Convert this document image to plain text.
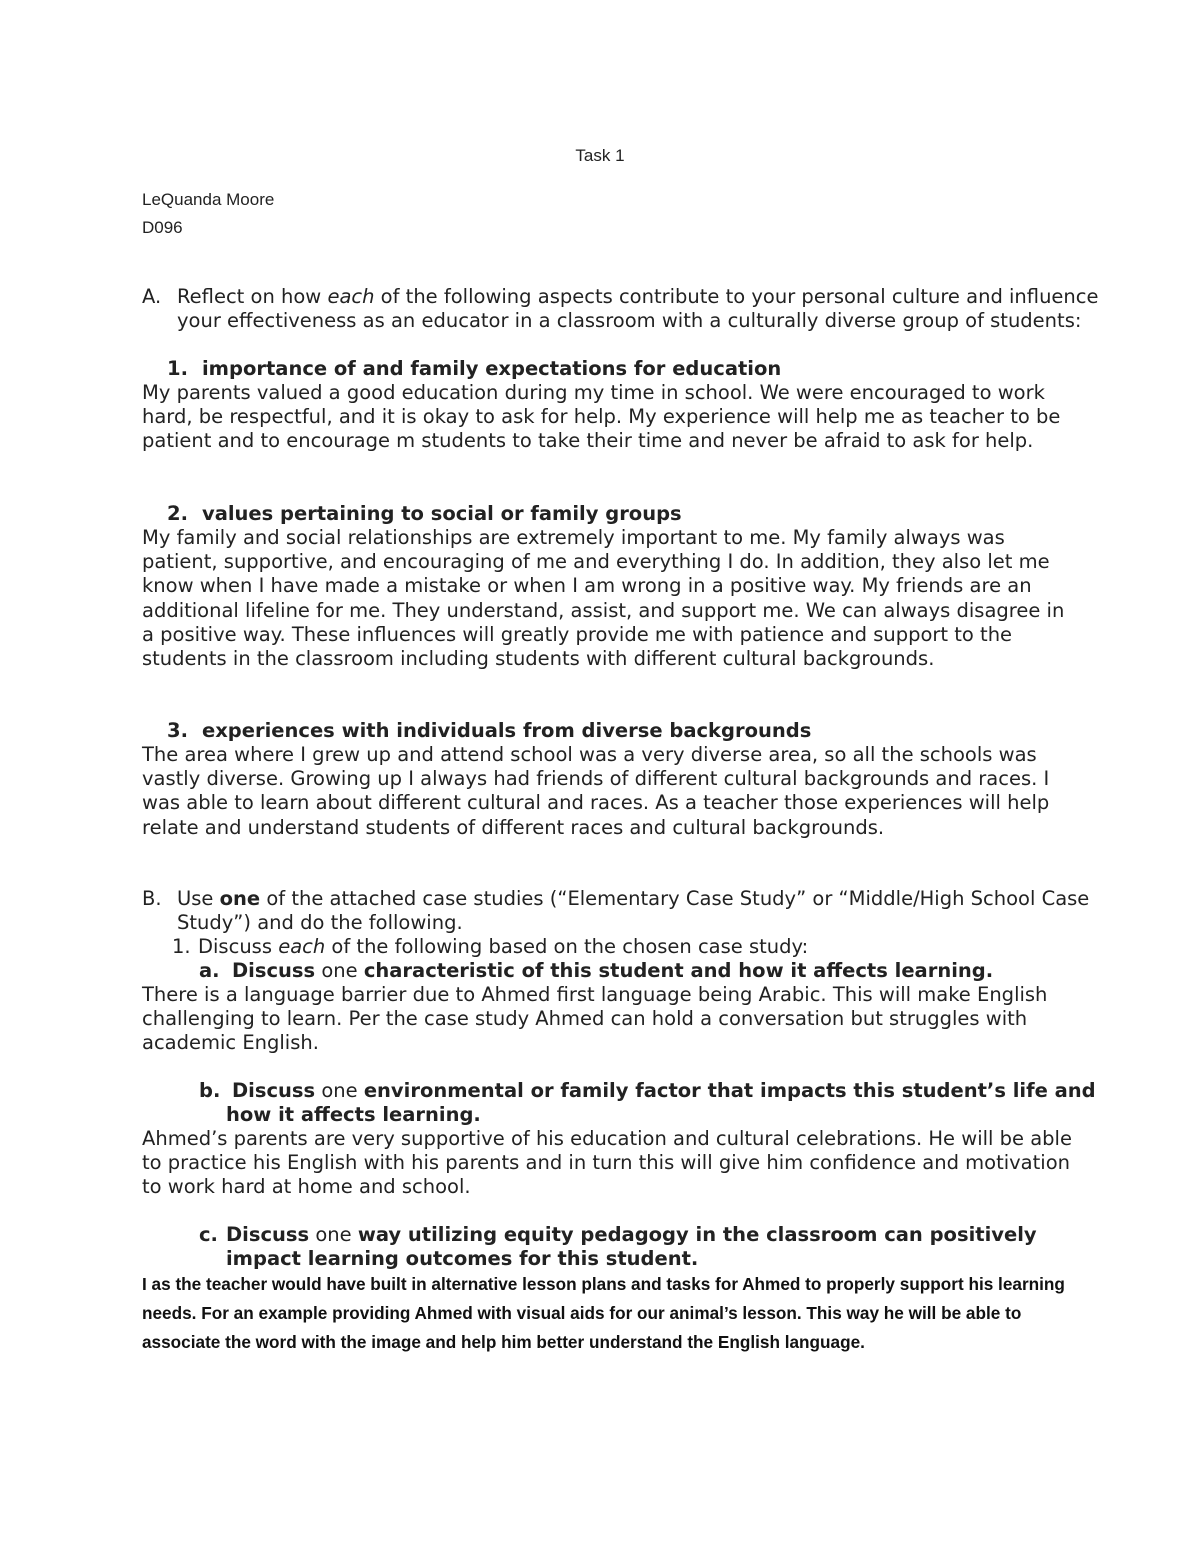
Task 1
LeQuanda Moore
D096

A. Reflect on how each of the following aspects contribute to your personal culture and influence your effectiveness as an educator in a classroom with a culturally diverse group of students:

1. importance of and family expectations for education

My parents valued a good education during my time in school. We were encouraged to work hard, be respectful, and it is okay to ask for help. My experience will help me as teacher to be patient and to encourage m students to take their time and never be afraid to ask for help.

2. values pertaining to social or family groups

My family and social relationships are extremely important to me. My family always was patient, supportive, and encouraging of me and everything I do. In addition, they also let me know when I have made a mistake or when I am wrong in a positive way. My friends are an additional lifeline for me. They understand, assist, and support me. We can always disagree in a positive way. These influences will greatly provide me with patience and support to the students in the classroom including students with different cultural backgrounds.

3. experiences with individuals from diverse backgrounds

The area where I grew up and attend school was a very diverse area, so all the schools was vastly diverse. Growing up I always had friends of different cultural backgrounds and races. I was able to learn about different cultural and races. As a teacher those experiences will help relate and understand students of different races and cultural backgrounds.

B. Use one of the attached case studies (“Elementary Case Study” or “Middle/High School Case Study”) and do the following.

1. Discuss each of the following based on the chosen case study:

a. Discuss one characteristic of this student and how it affects learning.

There is a language barrier due to Ahmed first language being Arabic. This will make English challenging to learn. Per the case study Ahmed can hold a conversation but struggles with academic English.

b. Discuss one environmental or family factor that impacts this student’s life and how it affects learning.

Ahmed’s parents are very supportive of his education and cultural celebrations. He will be able to practice his English with his parents and in turn this will give him confidence and motivation to work hard at home and school.

c. Discuss one way utilizing equity pedagogy in the classroom can positively impact learning outcomes for this student.

I as the teacher would have built in alternative lesson plans and tasks for Ahmed to properly support his learning needs. For an example providing Ahmed with visual aids for our animal’s lesson. This way he will be able to associate the word with the image and help him better understand the English language.
